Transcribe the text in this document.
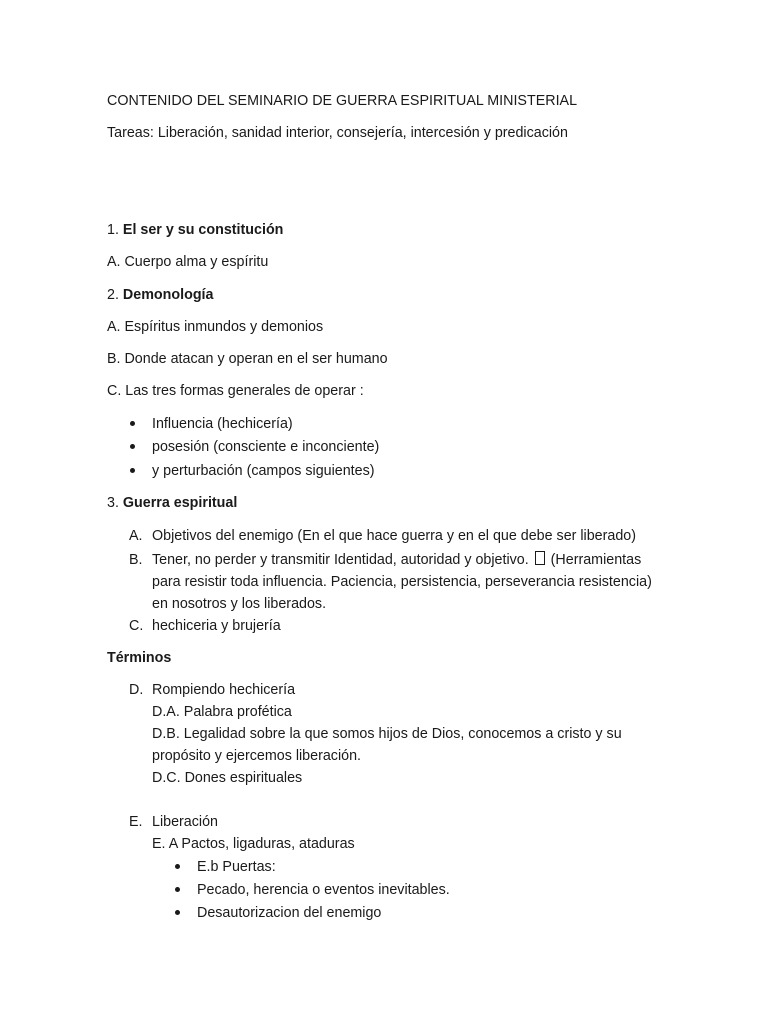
CONTENIDO DEL SEMINARIO DE GUERRA ESPIRITUAL MINISTERIAL
Tareas: Liberación, sanidad interior, consejería, intercesión y predicación
1. El ser y su constitución
A. Cuerpo alma y espíritu
2. Demonología
A. Espíritus inmundos y demonios
B. Donde atacan y operan en el ser humano
C. Las tres formas generales de operar :
Influencia (hechicería)
posesión (consciente e inconciente)
y perturbación (campos siguientes)
3. Guerra espiritual
A. Objetivos del enemigo (En el que hace guerra y en el que debe ser liberado)
B. Tener, no perder y transmitir Identidad, autoridad y objetivo. (Herramientas para resistir toda influencia. Paciencia, persistencia, perseverancia resistencia) en nosotros y los liberados.
C. hechiceria y brujería
Términos
D. Rompiendo hechicería
D.A. Palabra profética
D.B. Legalidad sobre la que somos hijos de Dios, conocemos a cristo y su propósito y ejercemos liberación.
D.C. Dones espirituales
E. Liberación
E. A Pactos, ligaduras, ataduras
E.b Puertas:
Pecado, herencia o eventos inevitables.
Desautorizacion del enemigo
